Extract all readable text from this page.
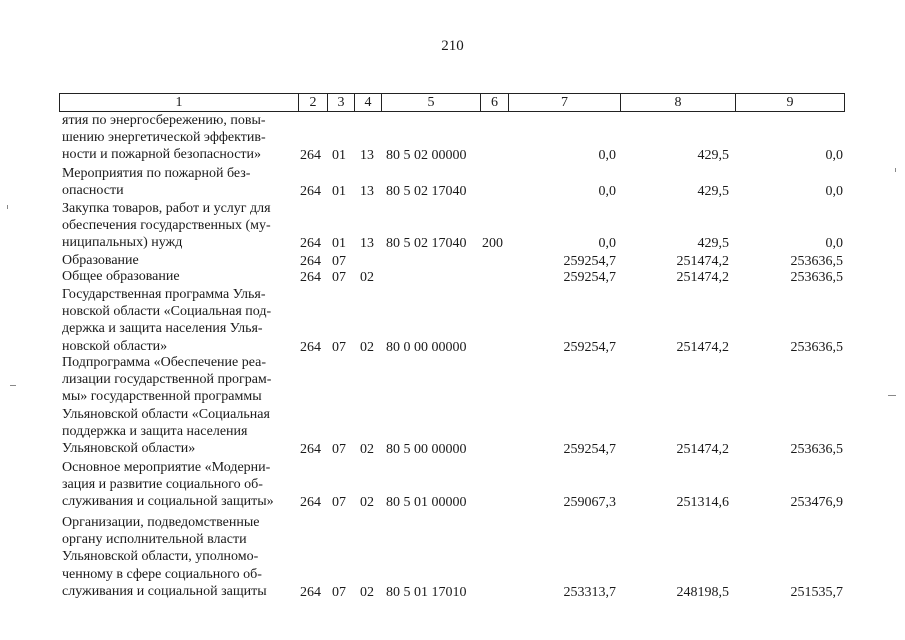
210
1	2	3	4	5	6	7	8	9
ятия по энергосбережению, повы-
шению энергетической эффектив-
ности и пожарной безопасности»	264 01 13 80 5 02 00000	0,0	429,5	0,0
Мероприятия по пожарной без-
опасности	264 01 13 80 5 02 17040	0,0	429,5	0,0
Закупка товаров, работ и услуг для
обеспечения государственных (му-
ниципальных) нужд	264 01 13 80 5 02 17040 200	0,0	429,5	0,0
Образование	264 07	259254,7	251474,2	253636,5
Общее образование	264 07 02	259254,7	251474,2	253636,5
Государственная программа Улья-
новской области «Социальная под-
держка и защита населения Улья-
новской области»	264 07 02 80 0 00 00000	259254,7	251474,2	253636,5
Подпрограмма «Обеспечение реа-
лизации государственной програм-
мы» государственной программы
Ульяновской области «Социальная
поддержка и защита населения
Ульяновской области»	264 07 02 80 5 00 00000	259254,7	251474,2	253636,5
Основное мероприятие «Модерни-
зация и развитие социального об-
служивания и социальной защиты»	264 07 02 80 5 01 00000	259067,3	251314,6	253476,9
Организации, подведомственные
органу исполнительной власти
Ульяновской области, уполномо-
ченному в сфере социального об-
служивания и социальной защиты	264 07 02 80 5 01 17010	253313,7	248198,5	251535,7
